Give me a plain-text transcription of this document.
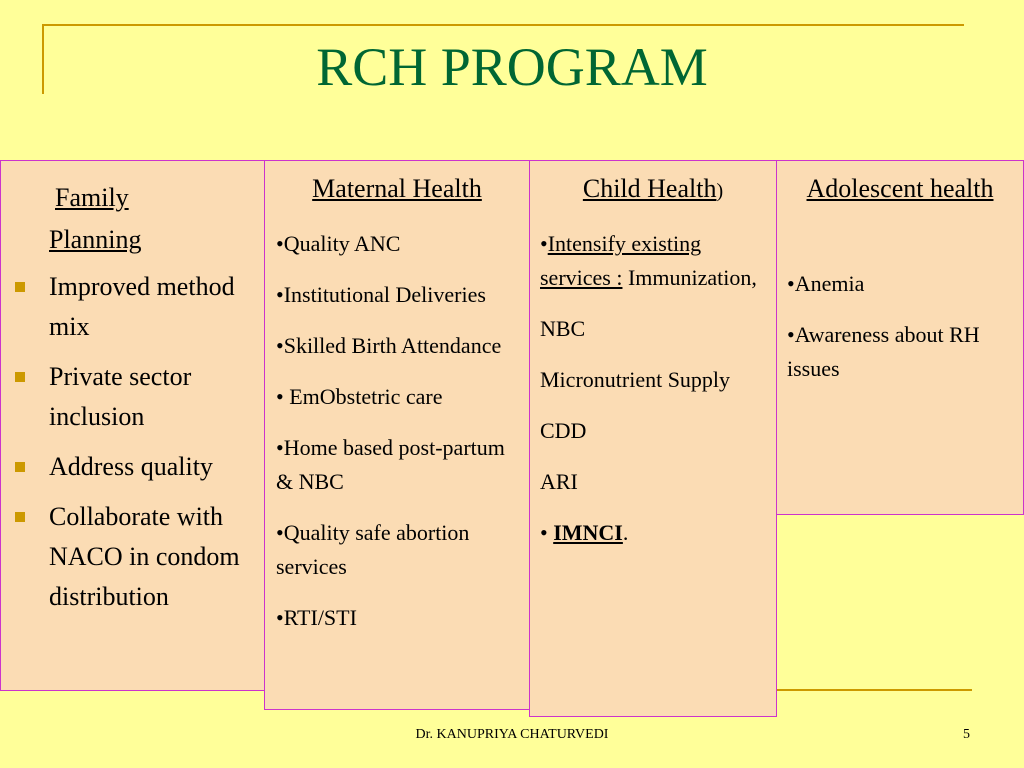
RCH PROGRAM
Family
Planning
Improved method mix
Private sector inclusion
Address quality
Collaborate with NACO in condom distribution
Maternal Health
•Quality ANC
•Institutional Deliveries
•Skilled Birth Attendance
• EmObstetric care
•Home based post-partum & NBC
•Quality safe abortion services
•RTI/STI
Child Health)
•Intensify existing services : Immunization,
NBC
Micronutrient Supply
CDD
ARI
• IMNCI.
Adolescent health
•Anemia
•Awareness about RH issues
Dr. KANUPRIYA CHATURVEDI	5
